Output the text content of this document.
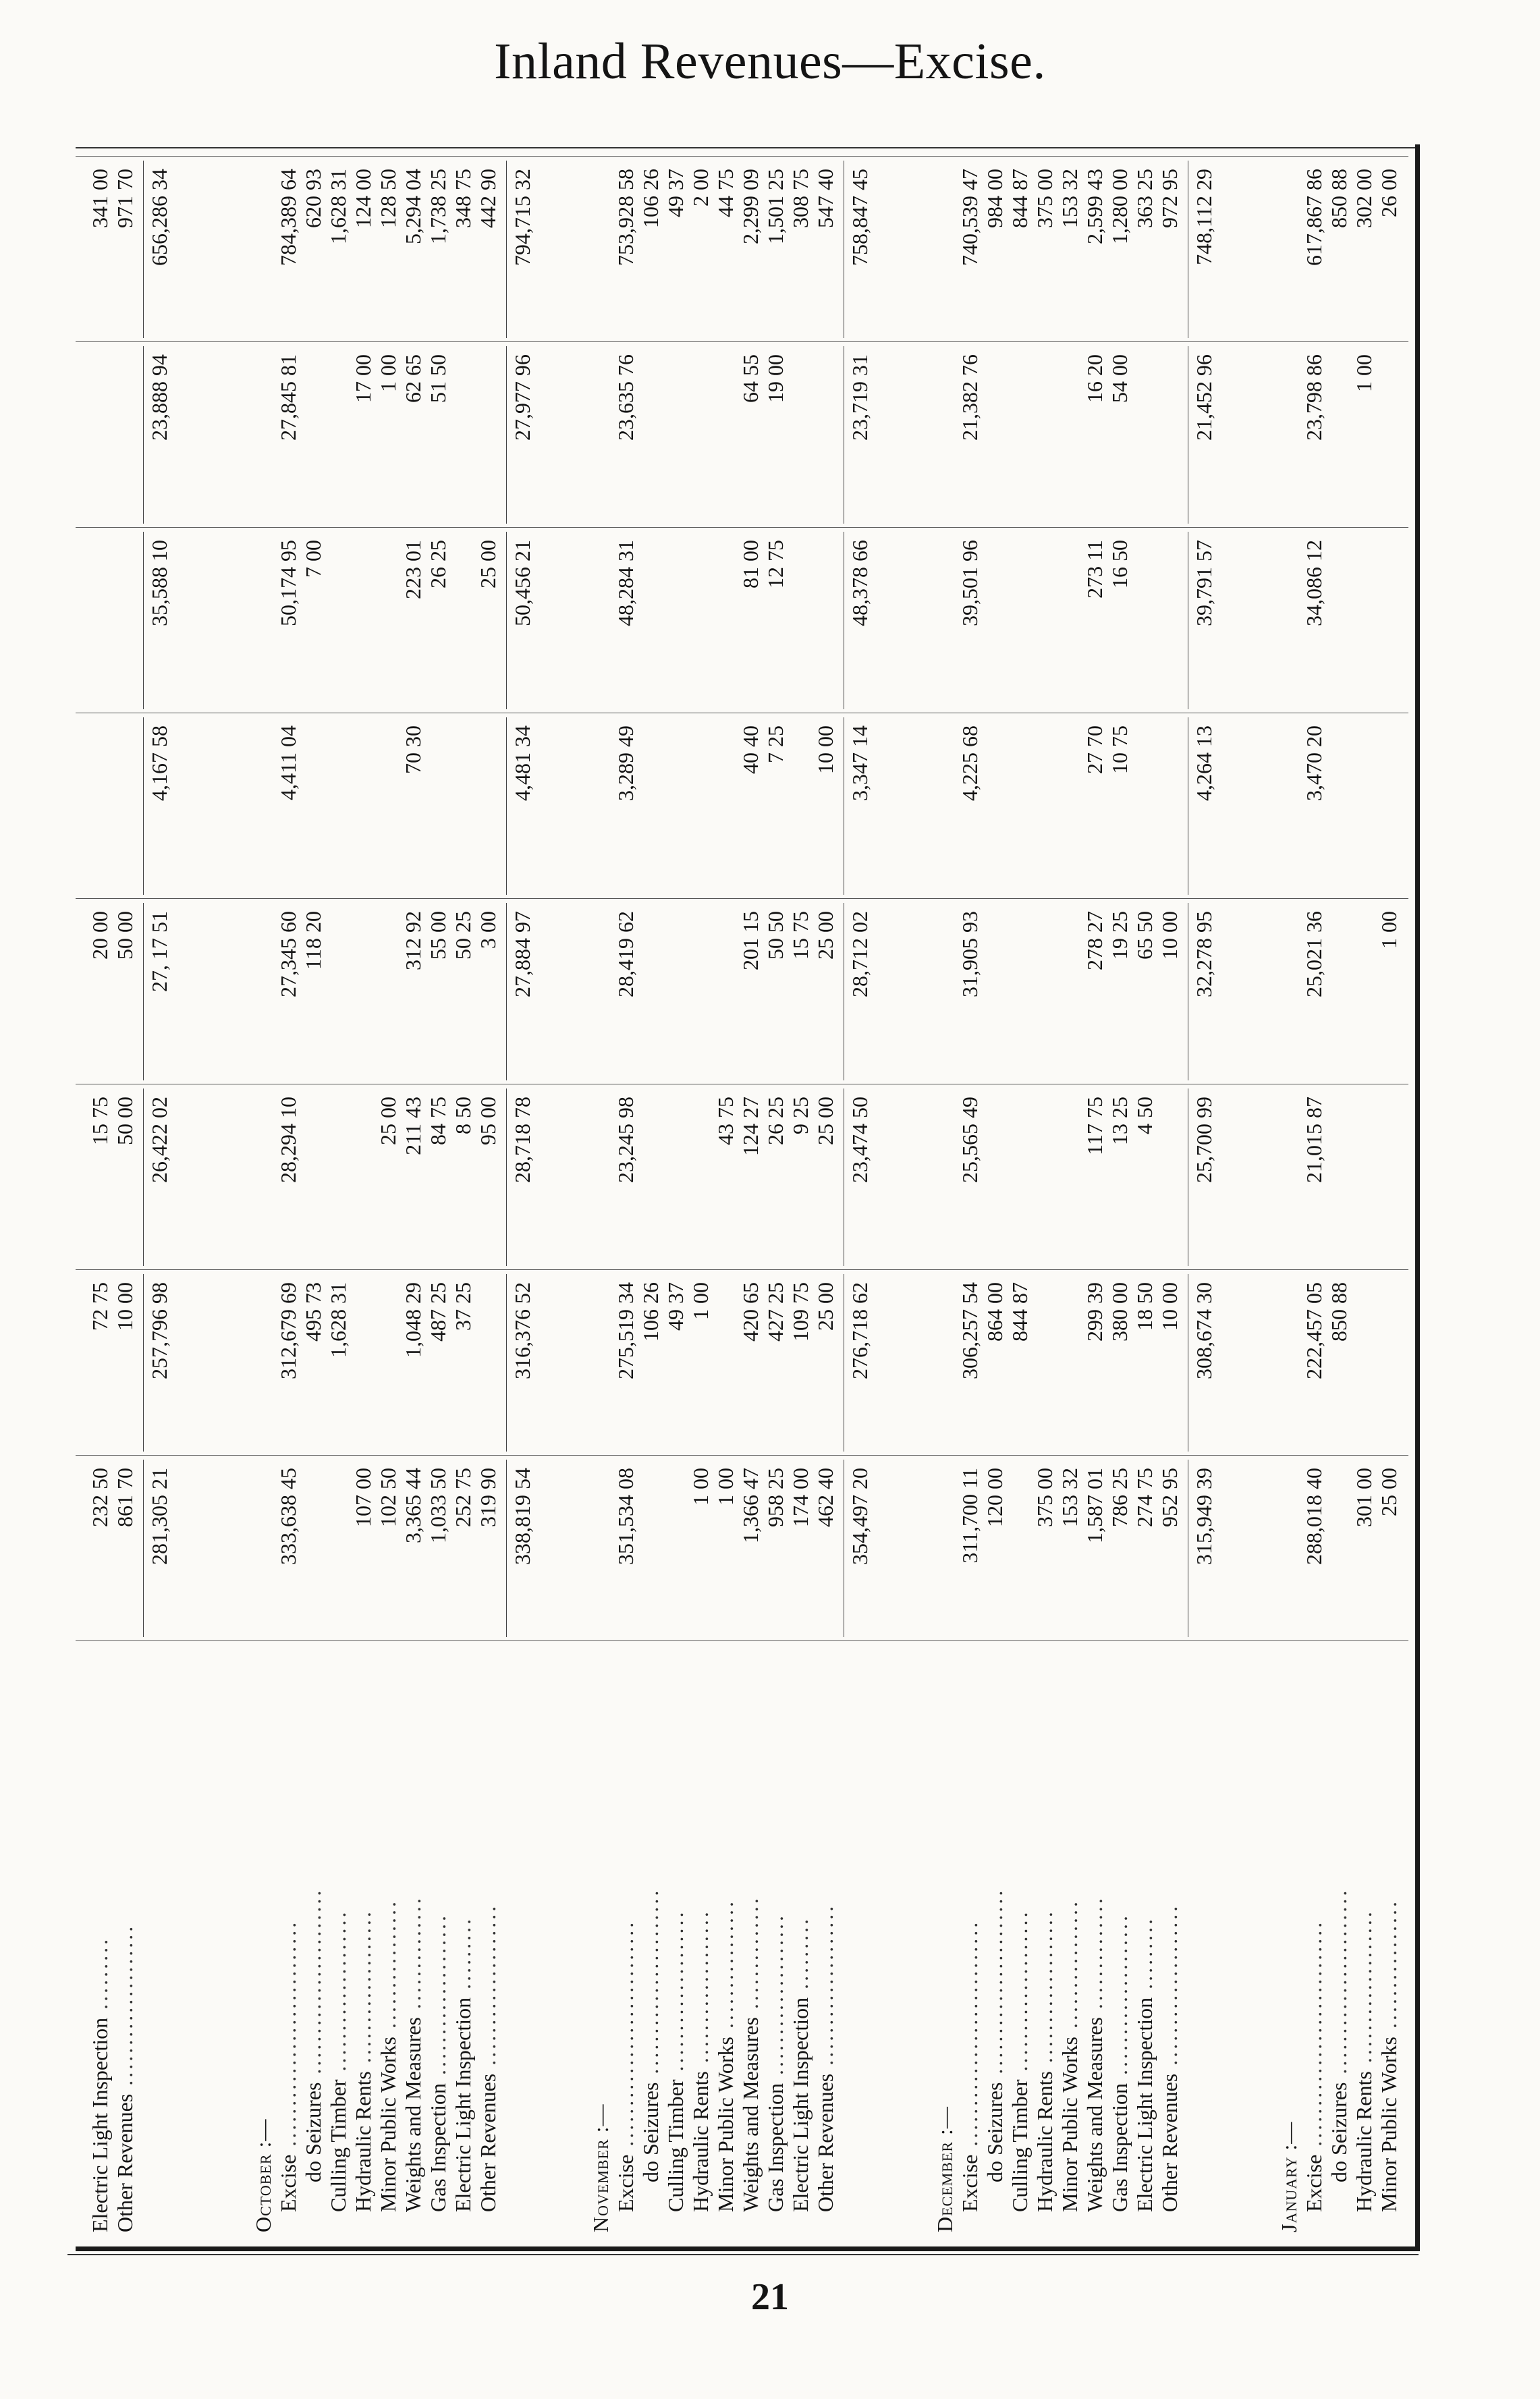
Inland Revenues—Excise.
Electric Light Inspection .........
232 50
72 75
15 75
20 00
341 00
Other Revenues ....................
861 70
10 00
50 00
50 00
971 70
281,305 21
257,796 98
26,422 02
27, 17 51
4,167 58
35,588 10
23,888 94
656,286 34
October :— Excise ............................
333,638 45
312,679 69
28,294 10
27,345 60
4,411 04
50,174 95
27,845 81
784,389 64
do Seizures .......................
495 73
118 20
7 00
620 93
Culling Timber ....................
1,628 31
1,628 31
Hydraulic Rents ...................
107 00
17 00
124 00
Minor Public Works ................
102 50
25 00
1 00
128 50
Weights and Measures ..............
3,365 44
1,048 29
211 43
312 92
70 30
223 01
62 65
5,294 04
Gas Inspection ....................
1,033 50
487 25
84 75
55 00
26 25
51 50
1,738 25
Electric Light Inspection .........
252 75
37 25
8 50
50 25
348 75
Other Revenues ....................
319 90
95 00
3 00
25 00
442 90
338,819 54
316,376 52
28,718 78
27,884 97
4,481 34
50,456 21
27,977 96
794,715 32
November :— Excise ............................
351,534 08
275,519 34
23,245 98
28,419 62
3,289 49
48,284 31
23,635 76
753,928 58
do Seizures .......................
106 26
106 26
Culling Timber ....................
49 37
49 37
Hydraulic Rents ...................
1 00
1 00
2 00
Minor Public Works ................
1 00
43 75
44 75
Weights and Measures ..............
1,366 47
420 65
124 27
201 15
40 40
81 00
64 55
2,299 09
Gas Inspection ....................
958 25
427 25
26 25
50 50
7 25
12 75
19 00
1,501 25
Electric Light Inspection .........
174 00
109 75
9 25
15 75
308 75
Other Revenues ....................
462 40
25 00
25 00
25 00
10 00
547 40
354,497 20
276,718 62
23,474 50
28,712 02
3,347 14
48,378 66
23,719 31
758,847 45
December :— Excise ............................
311,700 11
306,257 54
25,565 49
31,905 93
4,225 68
39,501 96
21,382 76
740,539 47
do Seizures .......................
120 00
864 00
984 00
Culling Timber ....................
844 87
844 87
Hydraulic Rents ...................
375 00
375 00
Minor Public Works ................
153 32
153 32
Weights and Measures ..............
1,587 01
299 39
117 75
278 27
27 70
273 11
16 20
2,599 43
Gas Inspection ....................
786 25
380 00
13 25
19 25
10 75
16 50
54 00
1,280 00
Electric Light Inspection .........
274 75
18 50
4 50
65 50
363 25
Other Revenues ....................
952 95
10 00
10 00
972 95
315,949 39
308,674 30
25,700 99
32,278 95
4,264 13
39,791 57
21,452 96
748,112 29
January :— Excise ............................
288,018 40
222,457 05
21,015 87
25,021 36
3,470 20
34,086 12
23,798 86
617,867 86
do Seizures .......................
850 88
850 88
Hydraulic Rents ...................
301 00
1 00
302 00
Minor Public Works ................
25 00
1 00
26 00
21
